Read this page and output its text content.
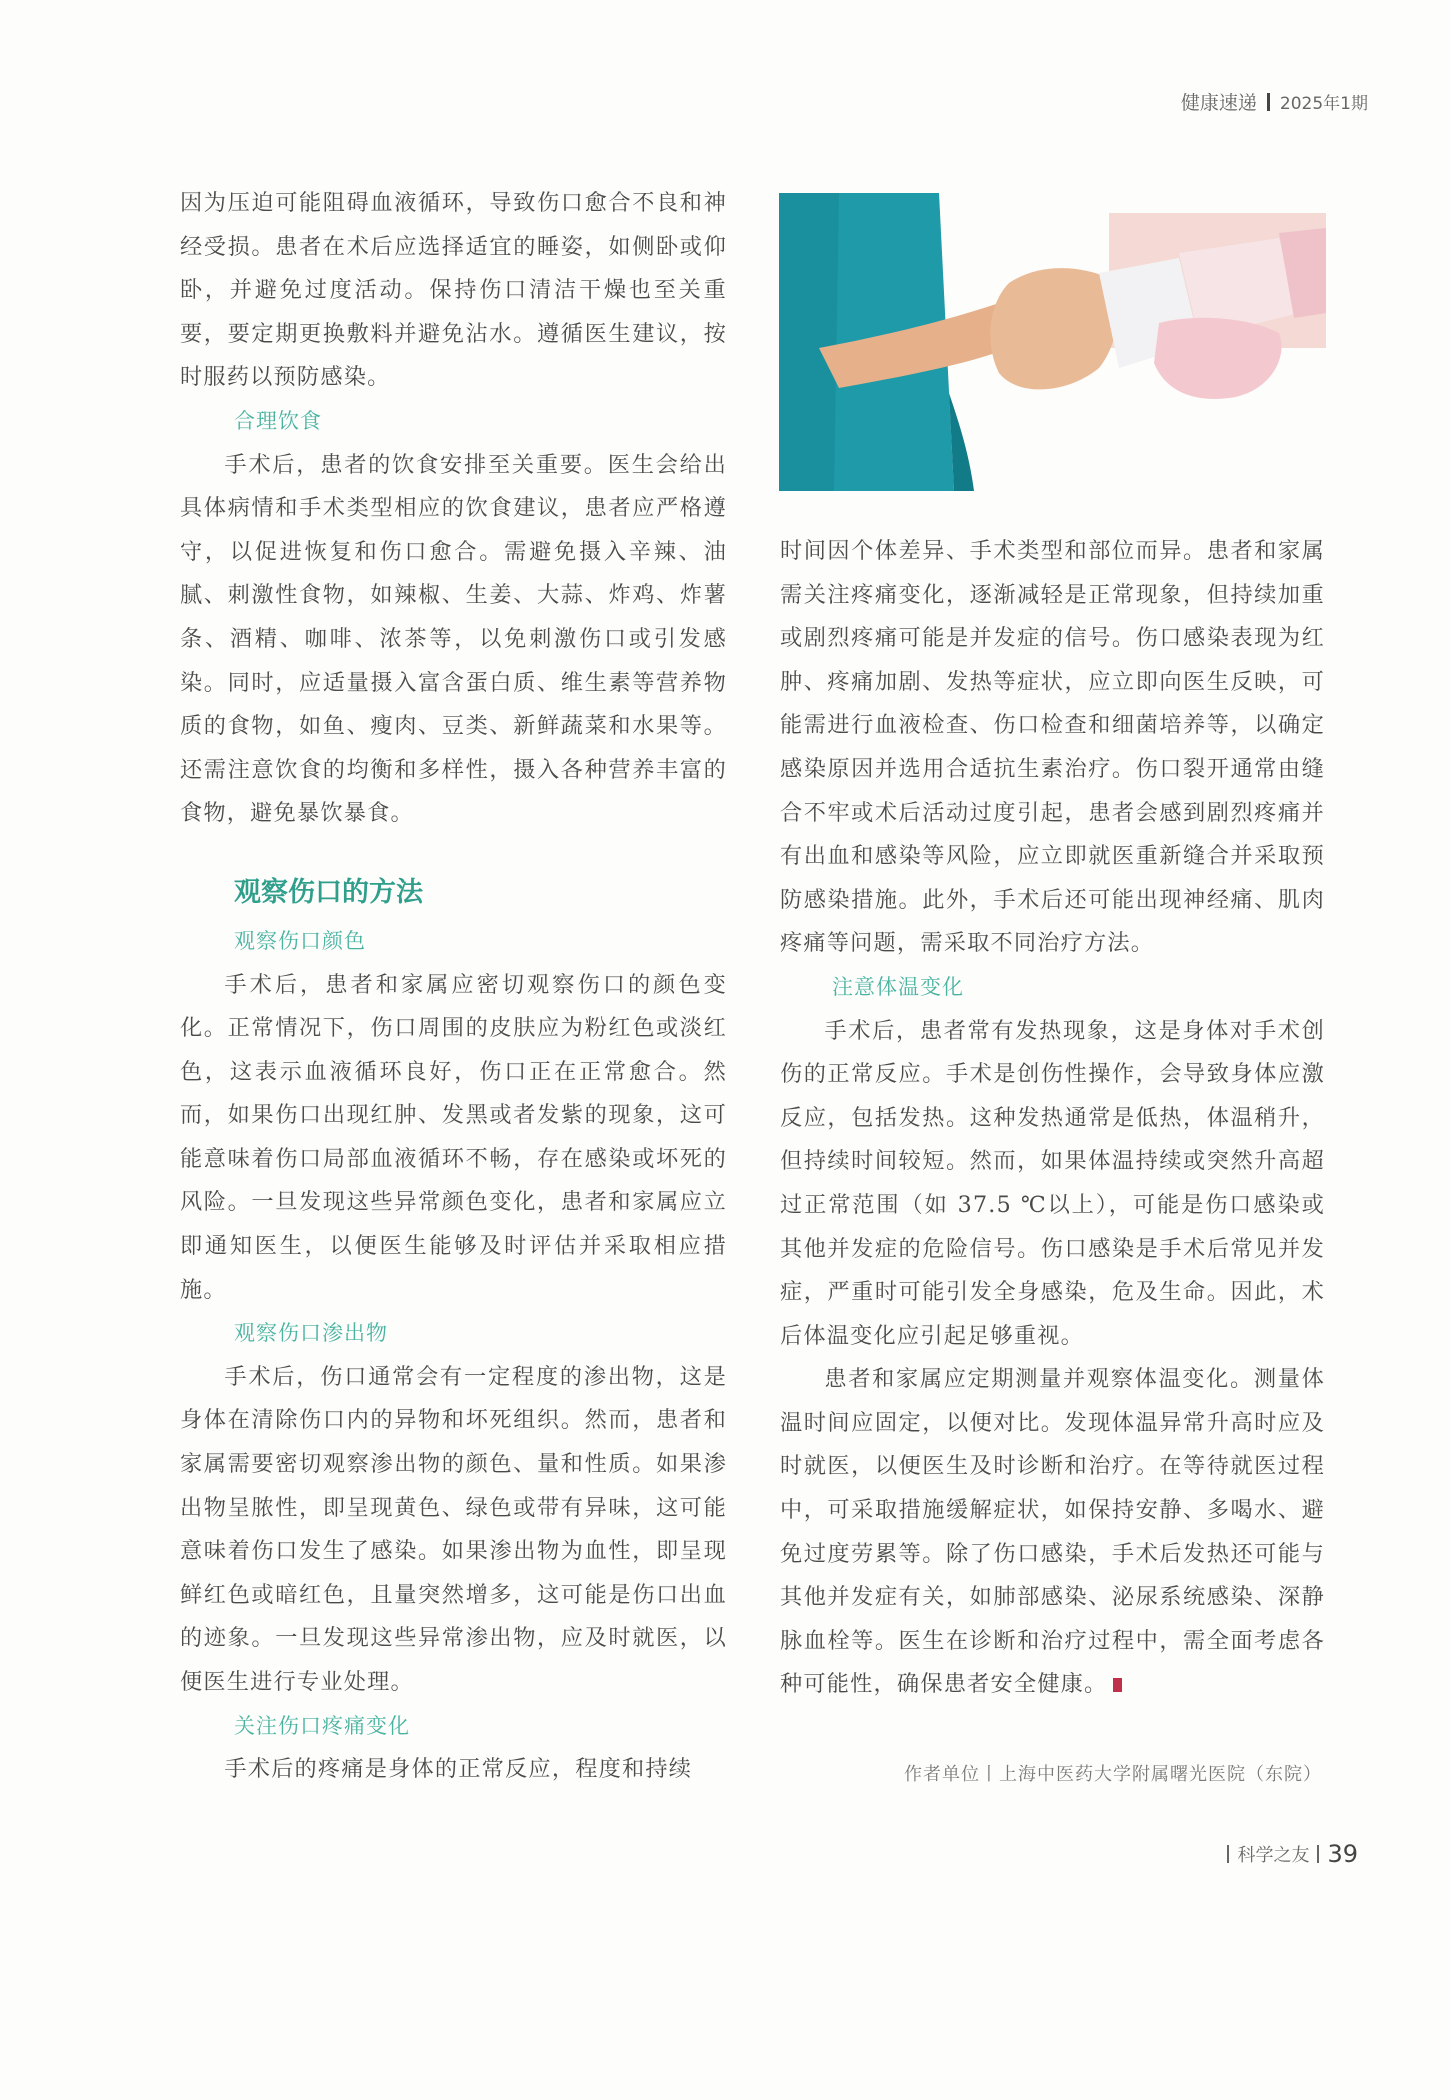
健康速递 2025年1期

因为压迫可能阻碍血液循环，导致伤口愈合不良和神经受损。患者在术后应选择适宜的睡姿，如侧卧或仰卧，并避免过度活动。保持伤口清洁干燥也至关重要，要定期更换敷料并避免沾水。遵循医生建议，按时服药以预防感染。

合理饮食

手术后，患者的饮食安排至关重要。医生会给出具体病情和手术类型相应的饮食建议，患者应严格遵守，以促进恢复和伤口愈合。需避免摄入辛辣、油腻、刺激性食物，如辣椒、生姜、大蒜、炸鸡、炸薯条、酒精、咖啡、浓茶等，以免刺激伤口或引发感染。同时，应适量摄入富含蛋白质、维生素等营养物质的食物，如鱼、瘦肉、豆类、新鲜蔬菜和水果等。还需注意饮食的均衡和多样性，摄入各种营养丰富的食物，避免暴饮暴食。

观察伤口的方法

观察伤口颜色

手术后，患者和家属应密切观察伤口的颜色变化。正常情况下，伤口周围的皮肤应为粉红色或淡红色，这表示血液循环良好，伤口正在正常愈合。然而，如果伤口出现红肿、发黑或者发紫的现象，这可能意味着伤口局部血液循环不畅，存在感染或坏死的风险。一旦发现这些异常颜色变化，患者和家属应立即通知医生，以便医生能够及时评估并采取相应措施。

观察伤口渗出物

手术后，伤口通常会有一定程度的渗出物，这是身体在清除伤口内的异物和坏死组织。然而，患者和家属需要密切观察渗出物的颜色、量和性质。如果渗出物呈脓性，即呈现黄色、绿色或带有异味，这可能意味着伤口发生了感染。如果渗出物为血性，即呈现鲜红色或暗红色，且量突然增多，这可能是伤口出血的迹象。一旦发现这些异常渗出物，应及时就医，以便医生进行专业处理。

关注伤口疼痛变化

手术后的疼痛是身体的正常反应，程度和持续

时间因个体差异、手术类型和部位而异。患者和家属需关注疼痛变化，逐渐减轻是正常现象，但持续加重或剧烈疼痛可能是并发症的信号。伤口感染表现为红肿、疼痛加剧、发热等症状，应立即向医生反映，可能需进行血液检查、伤口检查和细菌培养等，以确定感染原因并选用合适抗生素治疗。伤口裂开通常由缝合不牢或术后活动过度引起，患者会感到剧烈疼痛并有出血和感染等风险，应立即就医重新缝合并采取预防感染措施。此外，手术后还可能出现神经痛、肌肉疼痛等问题，需采取不同治疗方法。

注意体温变化

手术后，患者常有发热现象，这是身体对手术创伤的正常反应。手术是创伤性操作，会导致身体应激反应，包括发热。这种发热通常是低热，体温稍升，但持续时间较短。然而，如果体温持续或突然升高超过正常范围（如 37.5 ℃以上），可能是伤口感染或其他并发症的危险信号。伤口感染是手术后常见并发症，严重时可能引发全身感染，危及生命。因此，术后体温变化应引起足够重视。

患者和家属应定期测量并观察体温变化。测量体温时间应固定，以便对比。发现体温异常升高时应及时就医，以便医生及时诊断和治疗。在等待就医过程中，可采取措施缓解症状，如保持安静、多喝水、避免过度劳累等。除了伤口感染，手术后发热还可能与其他并发症有关，如肺部感染、泌尿系统感染、深静脉血栓等。医生在诊断和治疗过程中，需全面考虑各种可能性，确保患者安全健康。

作者单位丨上海中医药大学附属曙光医院（东院）
科学之友 39
